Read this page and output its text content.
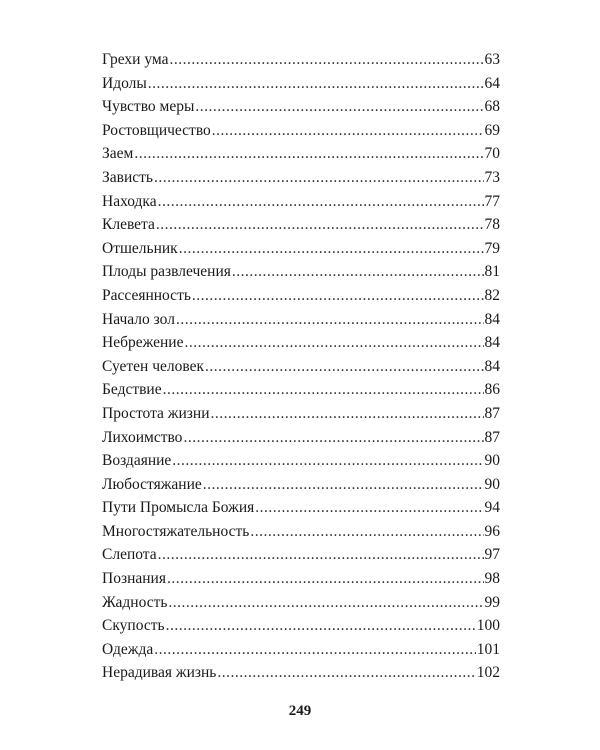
Грехи ума .....	63
Идолы .....	64
Чувство меры .....	68
Ростовщичество .....	69
Заем .....	70
Зависть .....	73
Находка .....	77
Клевета .....	78
Отшельник .....	79
Плоды развлечения .....	81
Рассеянность .....	82
Начало зол .....	84
Небрежение .....	84
Суетен человек .....	84
Бедствие .....	86
Простота жизни .....	87
Лихоимство .....	87
Воздаяние .....	90
Любостяжание .....	90
Пути Промысла Божия .....	94
Многостяжательность .....	96
Слепота .....	97
Познания .....	98
Жадность .....	99
Скупость .....	100
Одежда .....	101
Нерадивая жизнь .....	102
249
